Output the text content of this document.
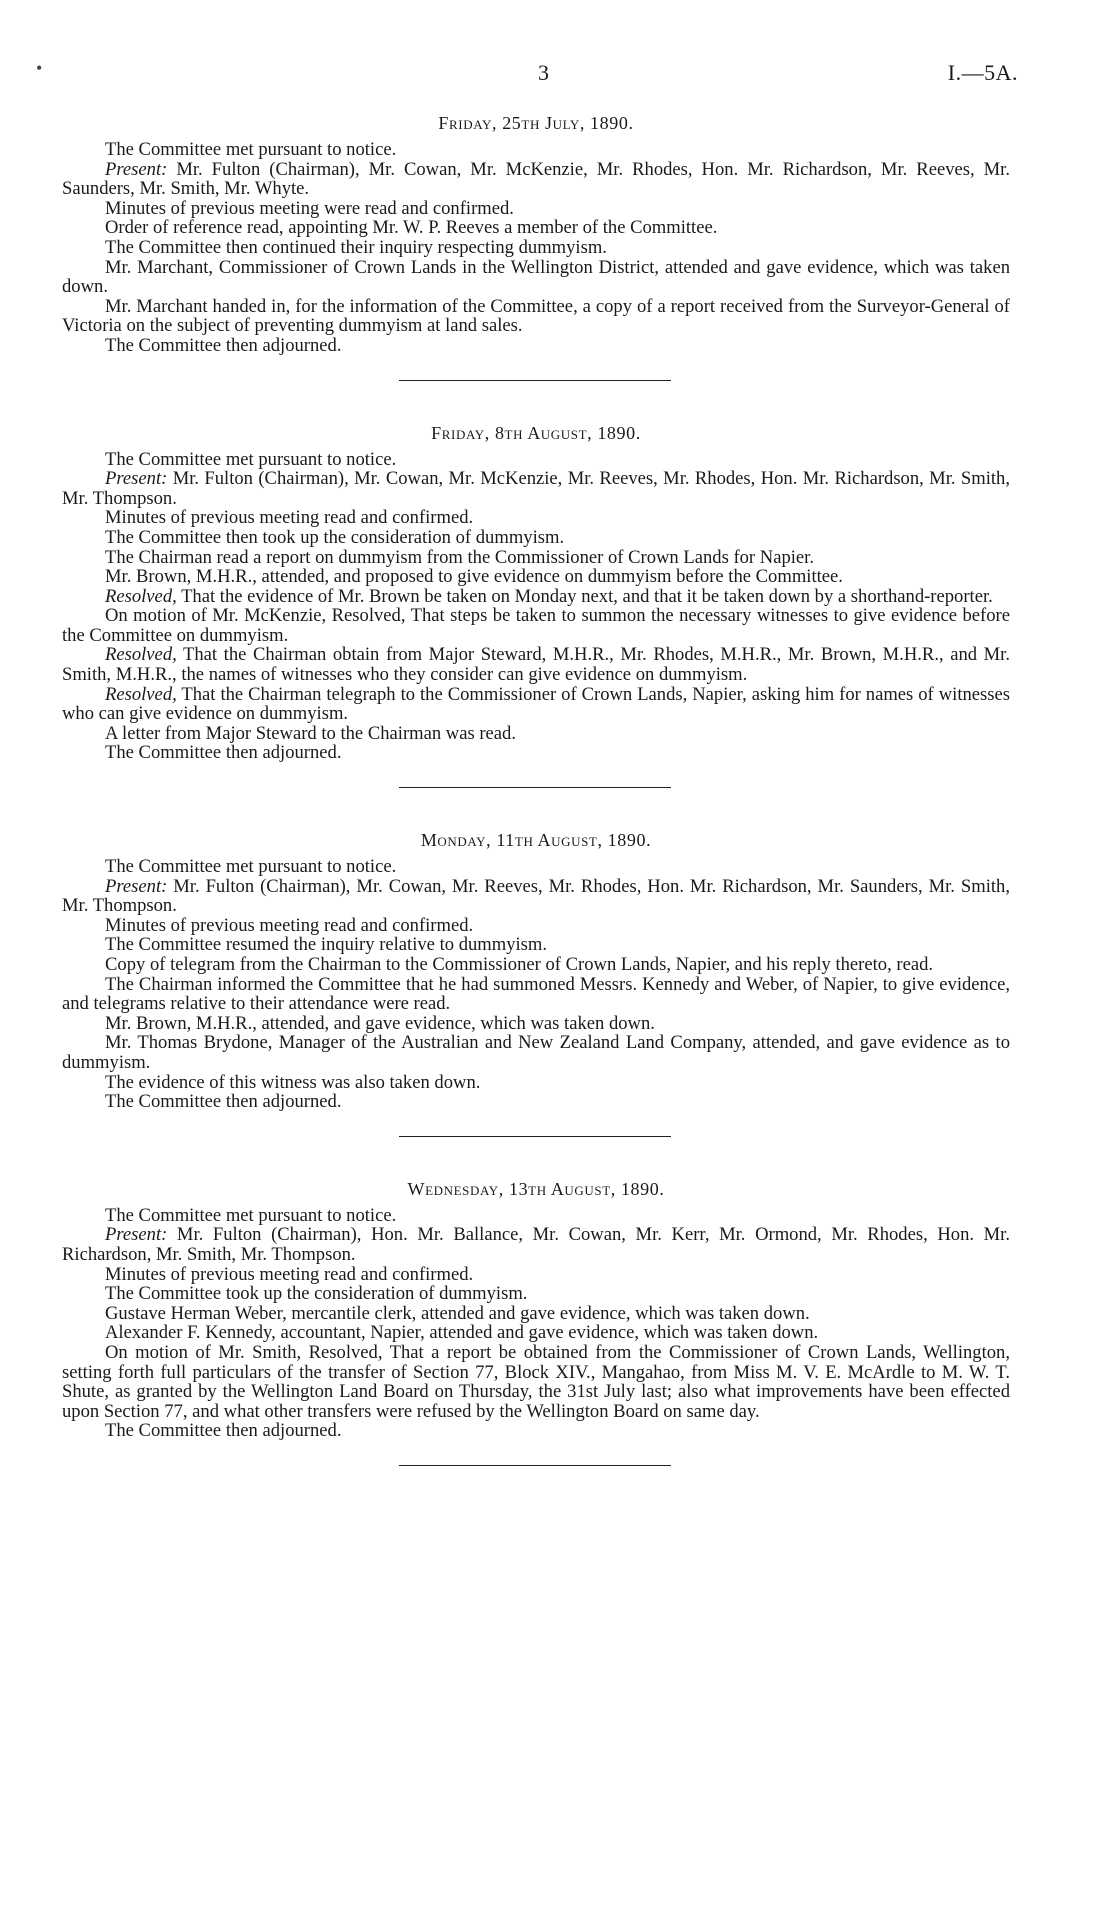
•	3	I.—5A.
Friday, 25th July, 1890.

The Committee met pursuant to notice.

Present: Mr. Fulton (Chairman), Mr. Cowan, Mr. McKenzie, Mr. Rhodes, Hon. Mr. Richardson, Mr. Reeves, Mr. Saunders, Mr. Smith, Mr. Whyte.

Minutes of previous meeting were read and confirmed.

Order of reference read, appointing Mr. W. P. Reeves a member of the Committee.

The Committee then continued their inquiry respecting dummyism.

Mr. Marchant, Commissioner of Crown Lands in the Wellington District, attended and gave evidence, which was taken down.

Mr. Marchant handed in, for the information of the Committee, a copy of a report received from the Surveyor-General of Victoria on the subject of preventing dummyism at land sales.

The Committee then adjourned.

Friday, 8th August, 1890.

The Committee met pursuant to notice.

Present: Mr. Fulton (Chairman), Mr. Cowan, Mr. McKenzie, Mr. Reeves, Mr. Rhodes, Hon. Mr. Richardson, Mr. Smith, Mr. Thompson.

Minutes of previous meeting read and confirmed.

The Committee then took up the consideration of dummyism.

The Chairman read a report on dummyism from the Commissioner of Crown Lands for Napier.

Mr. Brown, M.H.R., attended, and proposed to give evidence on dummyism before the Committee.

Resolved, That the evidence of Mr. Brown be taken on Monday next, and that it be taken down by a shorthand-reporter.

On motion of Mr. McKenzie, Resolved, That steps be taken to summon the necessary witnesses to give evidence before the Committee on dummyism.

Resolved, That the Chairman obtain from Major Steward, M.H.R., Mr. Rhodes, M.H.R., Mr. Brown, M.H.R., and Mr. Smith, M.H.R., the names of witnesses who they consider can give evidence on dummyism.

Resolved, That the Chairman telegraph to the Commissioner of Crown Lands, Napier, asking him for names of witnesses who can give evidence on dummyism.

A letter from Major Steward to the Chairman was read.

The Committee then adjourned.

Monday, 11th August, 1890.

The Committee met pursuant to notice.

Present: Mr. Fulton (Chairman), Mr. Cowan, Mr. Reeves, Mr. Rhodes, Hon. Mr. Richardson, Mr. Saunders, Mr. Smith, Mr. Thompson.

Minutes of previous meeting read and confirmed.

The Committee resumed the inquiry relative to dummyism.

Copy of telegram from the Chairman to the Commissioner of Crown Lands, Napier, and his reply thereto, read.

The Chairman informed the Committee that he had summoned Messrs. Kennedy and Weber, of Napier, to give evidence, and telegrams relative to their attendance were read.

Mr. Brown, M.H.R., attended, and gave evidence, which was taken down.

Mr. Thomas Brydone, Manager of the Australian and New Zealand Land Company, attended, and gave evidence as to dummyism.

The evidence of this witness was also taken down.

The Committee then adjourned.

Wednesday, 13th August, 1890.

The Committee met pursuant to notice.

Present: Mr. Fulton (Chairman), Hon. Mr. Ballance, Mr. Cowan, Mr. Kerr, Mr. Ormond, Mr. Rhodes, Hon. Mr. Richardson, Mr. Smith, Mr. Thompson.

Minutes of previous meeting read and confirmed.

The Committee took up the consideration of dummyism.

Gustave Herman Weber, mercantile clerk, attended and gave evidence, which was taken down.

Alexander F. Kennedy, accountant, Napier, attended and gave evidence, which was taken down.

On motion of Mr. Smith, Resolved, That a report be obtained from the Commissioner of Crown Lands, Wellington, setting forth full particulars of the transfer of Section 77, Block XIV., Mangahao, from Miss M. V. E. McArdle to M. W. T. Shute, as granted by the Wellington Land Board on Thursday, the 31st July last; also what improvements have been effected upon Section 77, and what other transfers were refused by the Wellington Board on same day.

The Committee then adjourned.
